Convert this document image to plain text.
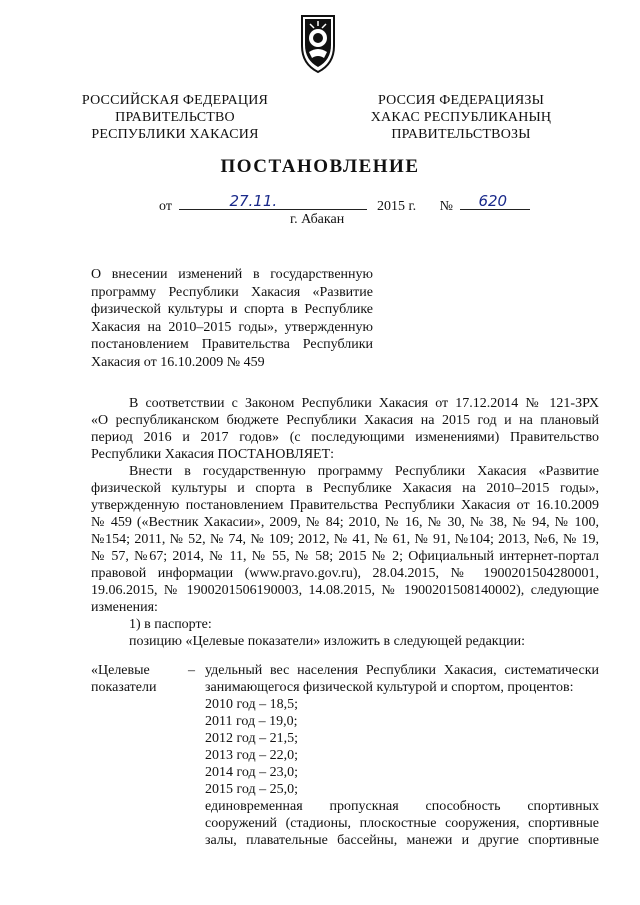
РОССИЙСКАЯ ФЕДЕРАЦИЯ
ПРАВИТЕЛЬСТВО
РЕСПУБЛИКИ ХАКАСИЯ
РОССИЯ ФЕДЕРАЦИЯЗЫ
ХАКАС РЕСПУБЛИКАНЫҢ
ПРАВИТЕЛЬСТВОЗЫ
ПОСТАНОВЛЕНИЕ
от	27.11.	2015 г. № 620
г. Абакан
О внесении изменений в государственную
программу Республики Хакасия «Развитие
физической культуры и спорта в Республике
Хакасия на 2010–2015 годы», утвержденную
постановлением Правительства Республики
Хакасия от 16.10.2009 № 459
В соответствии с Законом Республики Хакасия от 17.12.2014 № 121-ЗРХ
«О республиканском бюджете Республики Хакасия на 2015 год и на плановый
период 2016 и 2017 годов» (с последующими изменениями) Правительство
Республики Хакасия ПОСТАНОВЛЯЕТ:
Внести в государственную программу Республики Хакасия «Развитие
физической культуры и спорта в Республике Хакасия на 2010–2015 годы»,
утвержденную постановлением Правительства Республики Хакасия от 16.10.2009
№ 459 («Вестник Хакасии», 2009, № 84; 2010, № 16, № 30, № 38, № 94, № 100,
№154; 2011, № 52, № 74, № 109; 2012, № 41, № 61, № 91, №104; 2013, №6, № 19,
№ 57, №67; 2014, № 11, № 55, № 58; 2015 № 2; Официальный интернет-портал
правовой информации (www.pravo.gov.ru), 28.04.2015, № 1900201504280001,
19.06.2015, № 1900201506190003, 14.08.2015, № 1900201508140002), следующие
изменения:
1) в паспорте:
позицию «Целевые показатели» изложить в следующей редакции:
«Целевые
показатели
– удельный вес населения Республики Хакасия, систематически
занимающегося физической культурой и спортом, процентов:
2010 год – 18,5;
2011 год – 19,0;
2012 год – 21,5;
2013 год – 22,0;
2014 год – 23,0;
2015 год – 25,0;
единовременная пропускная способность спортивных
сооружений (стадионы, плоскостные сооружения, спортивные
залы, плавательные бассейны, манежи и другие спортивные
